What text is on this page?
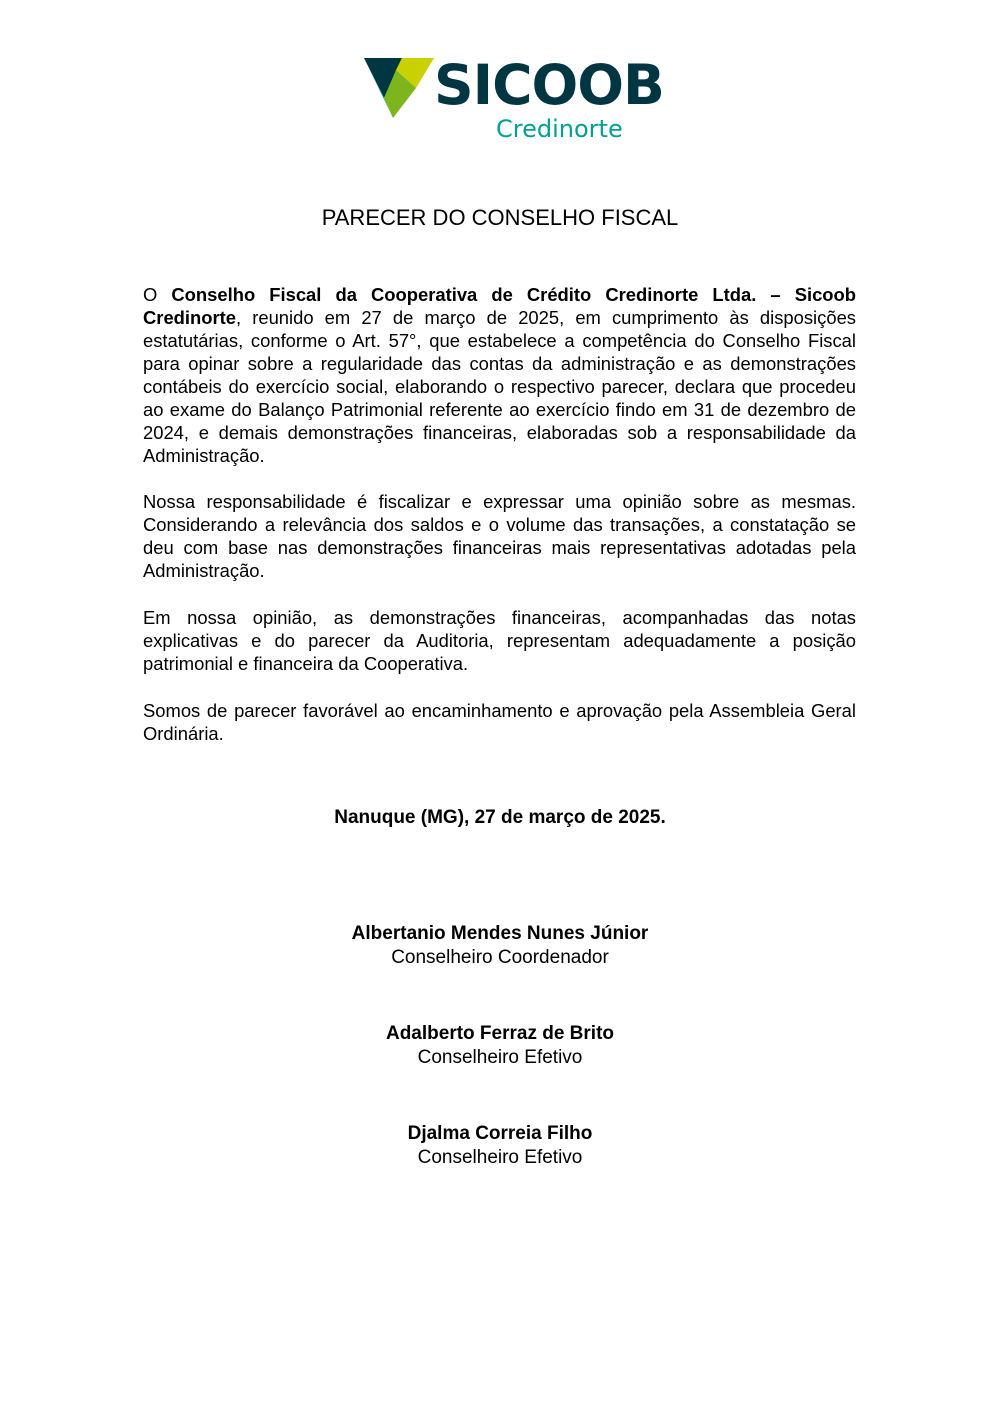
SICOOB
Credinorte
PARECER DO CONSELHO FISCAL

O Conselho Fiscal da Cooperativa de Crédito Credinorte Ltda. – Sicoob Credinorte, reunido em 27 de março de 2025, em cumprimento às disposições estatutárias, conforme o Art. 57°, que estabelece a competência do Conselho Fiscal para opinar sobre a regularidade das contas da administração e as demonstrações contábeis do exercício social, elaborando o respectivo parecer, declara que procedeu ao exame do Balanço Patrimonial referente ao exercício findo em 31 de dezembro de 2024, e demais demonstrações financeiras, elaboradas sob a responsabilidade da Administração.

Nossa responsabilidade é fiscalizar e expressar uma opinião sobre as mesmas. Considerando a relevância dos saldos e o volume das transações, a constatação se deu com base nas demonstrações financeiras mais representativas adotadas pela Administração.

Em nossa opinião, as demonstrações financeiras, acompanhadas das notas explicativas e do parecer da Auditoria, representam adequadamente a posição patrimonial e financeira da Cooperativa.

Somos de parecer favorável ao encaminhamento e aprovação pela Assembleia Geral Ordinária.

Nanuque (MG), 27 de março de 2025.
Albertanio Mendes Nunes Júnior
Conselheiro Coordenador
Adalberto Ferraz de Brito
Conselheiro Efetivo
Djalma Correia Filho
Conselheiro Efetivo
